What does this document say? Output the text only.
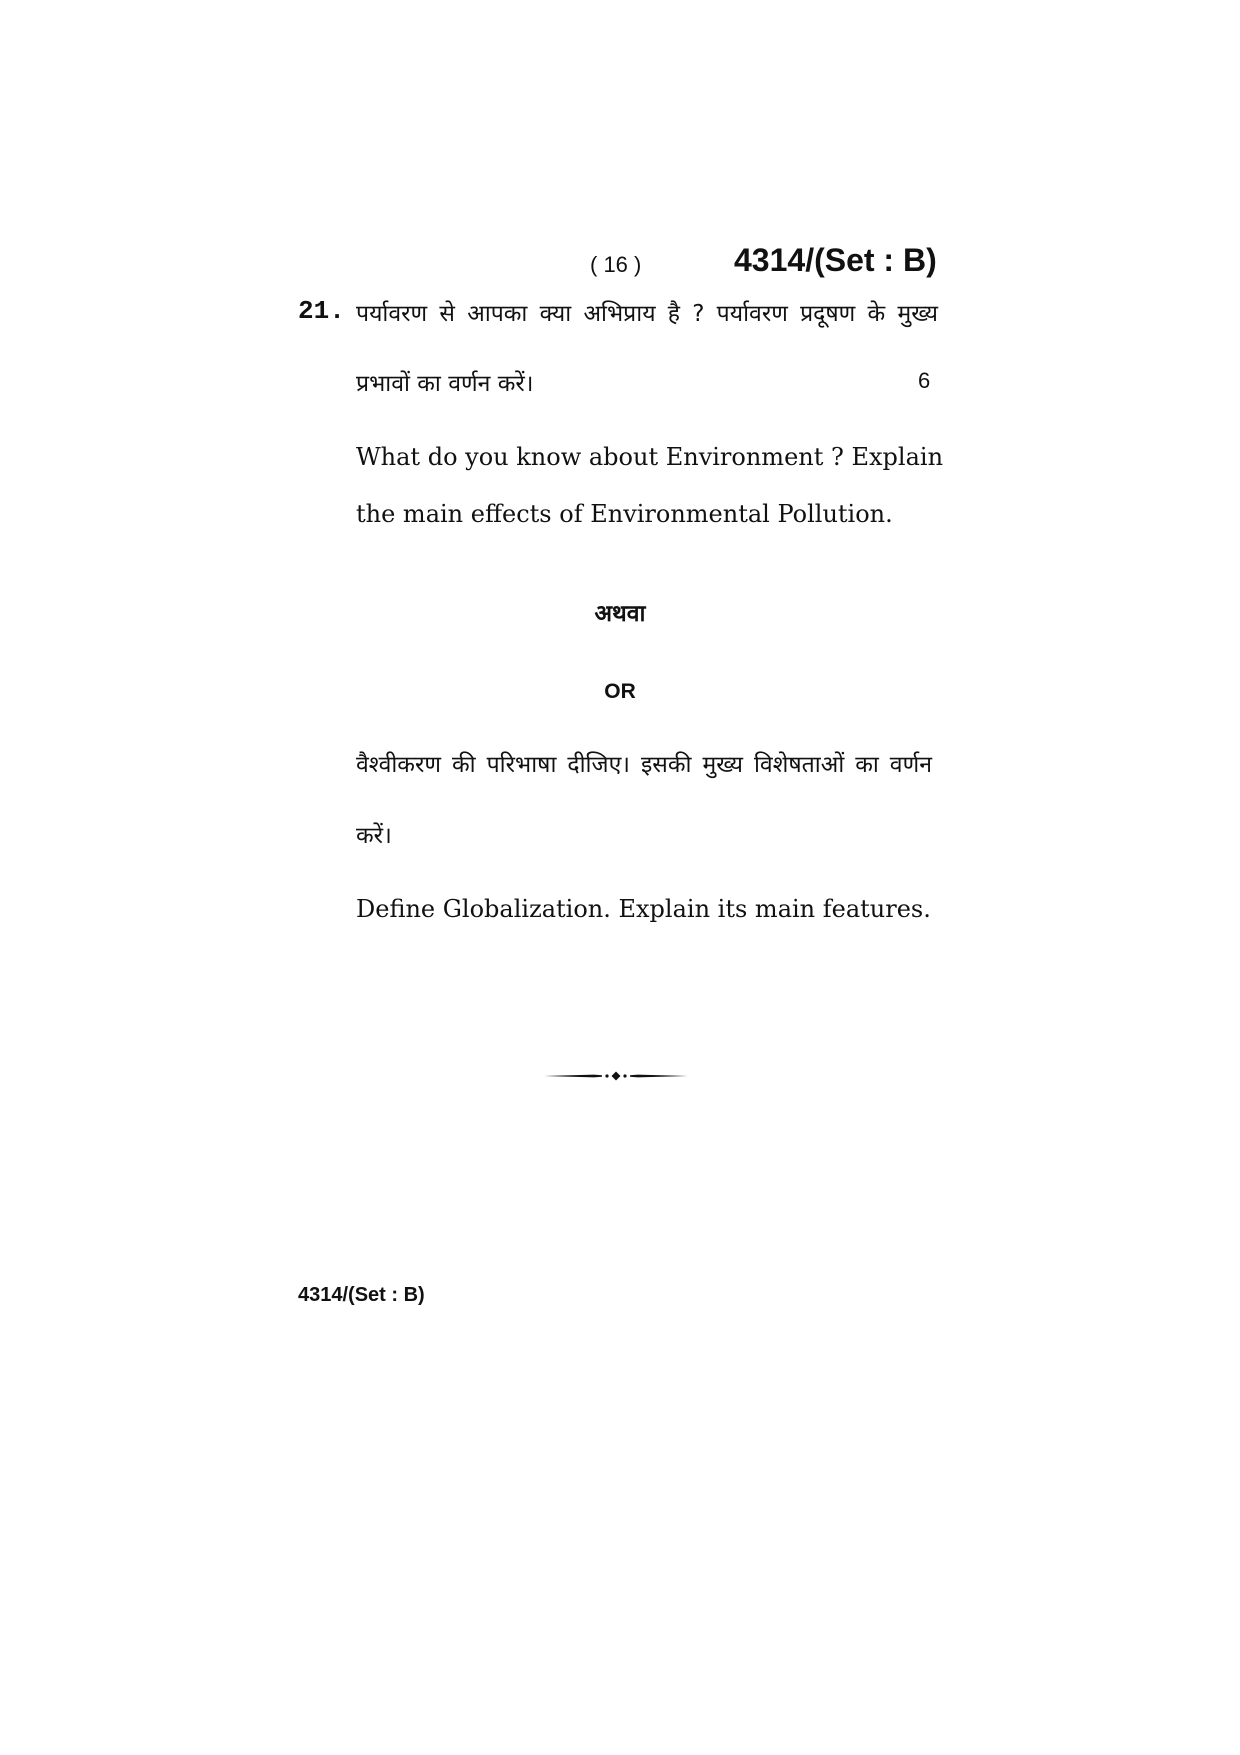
( 16 )	4314/(Set : B)
21. पर्यावरण से आपका क्या अभिप्राय है ? पर्यावरण प्रदूषण के मुख्य
प्रभावों का वर्णन करें।	6
What do you know about Environment ? Explain
the main effects of Environmental Pollution.
अथवा
OR
वैश्वीकरण की परिभाषा दीजिए। इसकी मुख्य विशेषताओं का वर्णन
करें।
Define Globalization. Explain its main features.
4314/(Set : B)
